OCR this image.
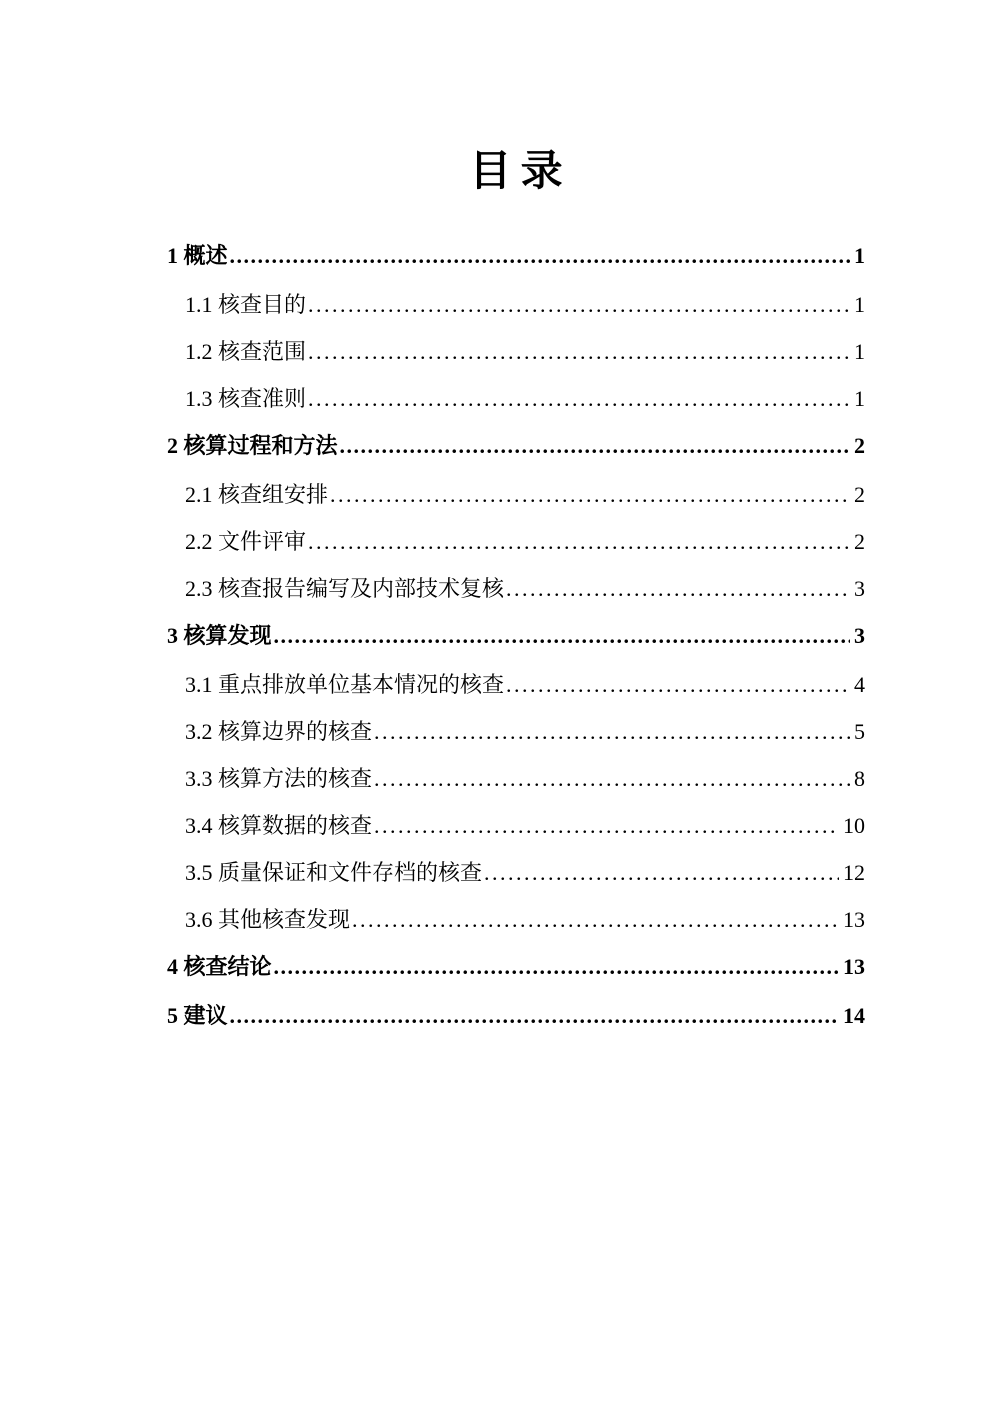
目录
1 概述 .....	1
1.1 核查目的 .....	1
1.2 核查范围 .....	1
1.3 核查准则 .....	1
2 核算过程和方法 .....	2
2.1 核查组安排 .....	2
2.2 文件评审 .....	2
2.3 核查报告编写及内部技术复核 .....	3
3 核算发现 .....	3
3.1 重点排放单位基本情况的核查 .....	4
3.2 核算边界的核查 .....	5
3.3 核算方法的核查 .....	8
3.4 核算数据的核查 .....	10
3.5 质量保证和文件存档的核查 .....	12
3.6 其他核查发现 .....	13
4 核查结论 .....	13
5 建议 .....	14
